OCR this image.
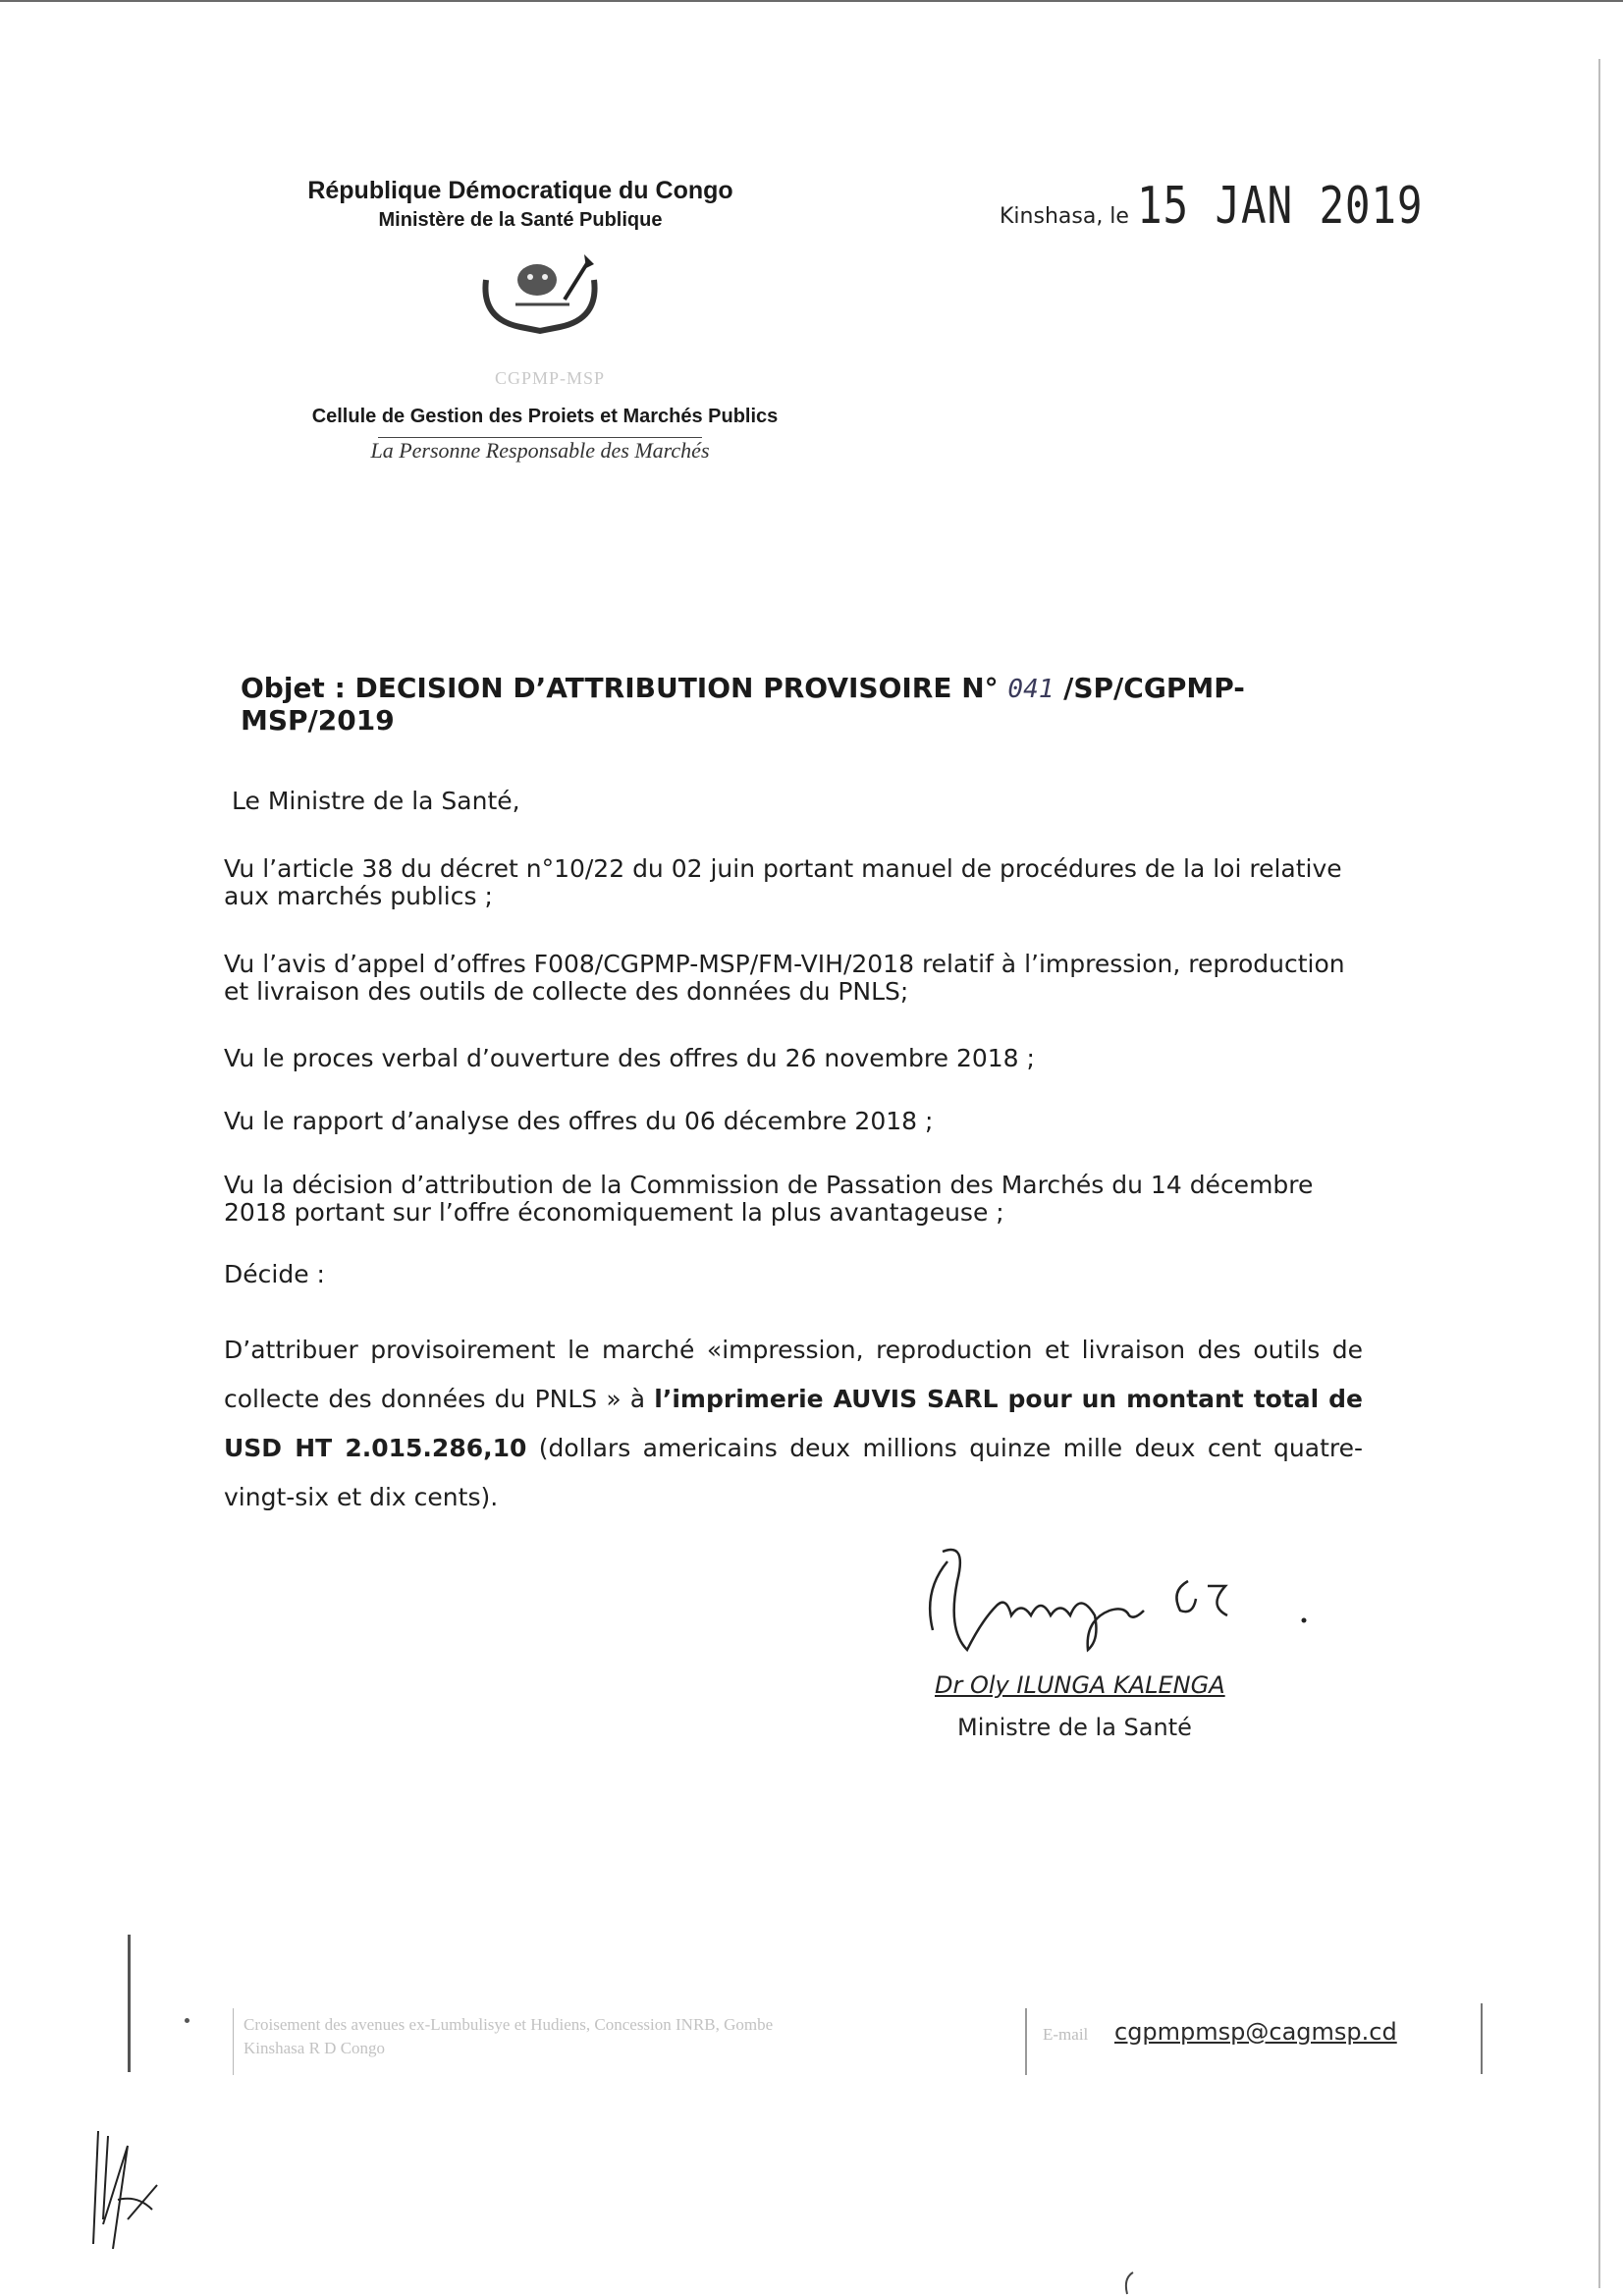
République Démocratique du Congo
Ministère de la Santé Publique	Kinshasa, le 15 JAN 2019
CGPMP-MSP
Cellule de Gestion des Proiets et Marchés Publics
La Personne Responsable des Marchés
Objet : DECISION D’ATTRIBUTION PROVISOIRE N° 041 /SP/CGPMP-MSP/2019
Le Ministre de la Santé,
Vu l’article 38 du décret n°10/22 du 02 juin portant manuel de procédures de la loi relative aux marchés publics ;
Vu l’avis d’appel d’offres F008/CGPMP-MSP/FM-VIH/2018 relatif à l’impression, reproduction et livraison des outils de collecte des données du PNLS;
Vu le proces verbal d’ouverture des offres du 26 novembre 2018 ;
Vu le rapport d’analyse des offres du 06 décembre 2018 ;
Vu la décision d’attribution de la Commission de Passation des Marchés du 14 décembre 2018 portant sur l’offre économiquement la plus avantageuse ;
Décide :
D’attribuer provisoirement le marché «impression, reproduction et livraison des outils de collecte des données du PNLS » à l’imprimerie AUVIS SARL pour un montant total de USD HT 2.015.286,10 (dollars americains deux millions quinze mille deux cent quatre-vingt-six et dix cents).
Dr Oly ILUNGA KALENGA
Ministre de la Santé
Croisement des avenues ex-Lumbulisye et Hudiens, Concession INRB, Gombe
Kinshasa R D Congo
E-mail cgpmpmsp@cagmsp.cd
